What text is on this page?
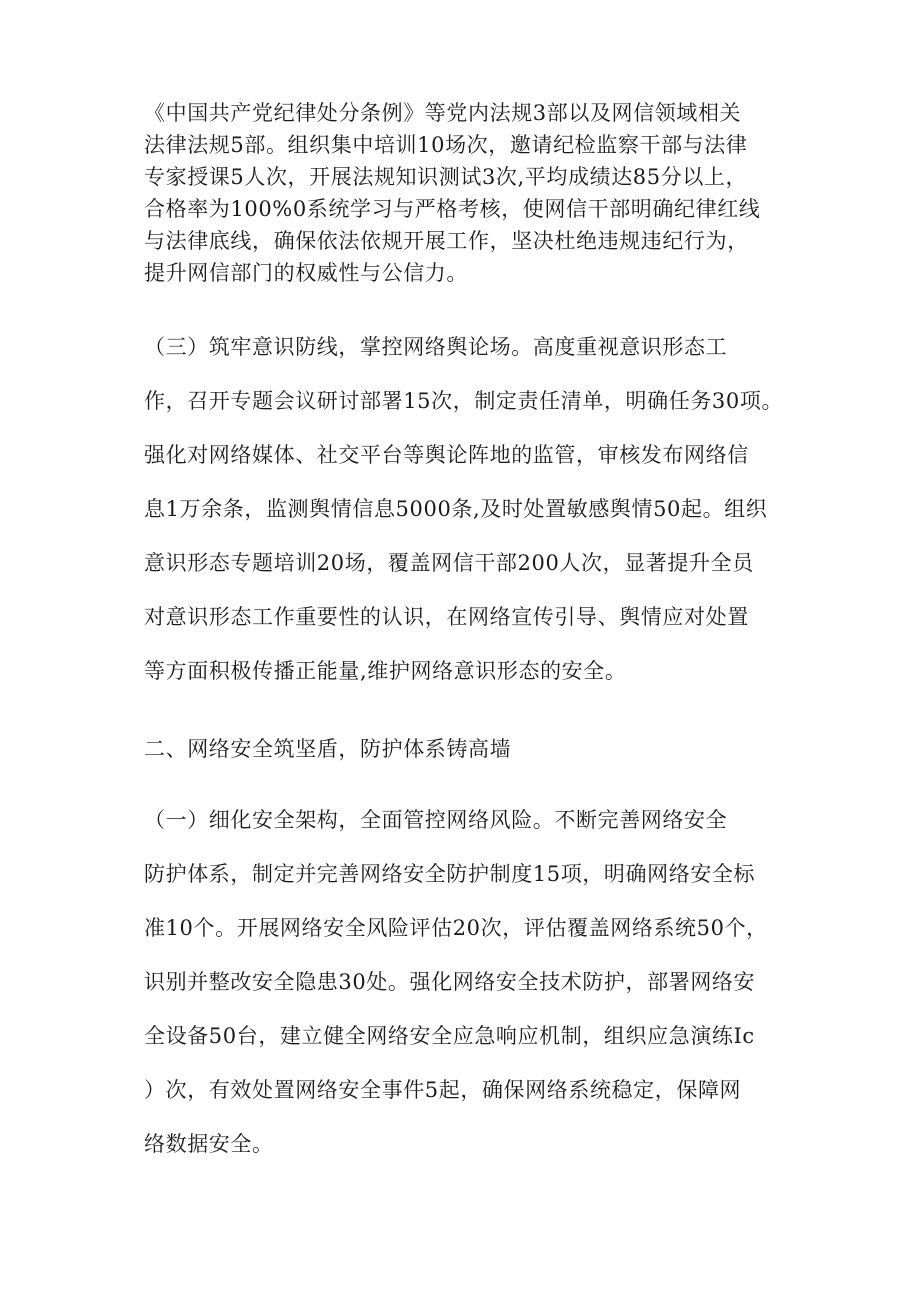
《中国共产党纪律处分条例》等党内法规3部以及网信领域相关
法律法规5部。组织集中培训10场次，邀请纪检监察干部与法律
专家授课5人次，开展法规知识测试3次,平均成绩达85分以上，
合格率为100%0系统学习与严格考核，使网信干部明确纪律红线
与法律底线，确保依法依规开展工作，坚决杜绝违规违纪行为，
提升网信部门的权威性与公信力。
（三）筑牢意识防线，掌控网络舆论场。高度重视意识形态工
作，召开专题会议研讨部署15次，制定责任清单，明确任务30项。
强化对网络媒体、社交平台等舆论阵地的监管，审核发布网络信
息1万余条，监测舆情信息5000条,及时处置敏感舆情50起。组织
意识形态专题培训20场，覆盖网信干部200人次，显著提升全员
对意识形态工作重要性的认识，在网络宣传引导、舆情应对处置
等方面积极传播正能量,维护网络意识形态的安全。
二、网络安全筑坚盾，防护体系铸高墙
（一）细化安全架构，全面管控网络风险。不断完善网络安全
防护体系，制定并完善网络安全防护制度15项，明确网络安全标
准10个。开展网络安全风险评估20次，评估覆盖网络系统50个，
识别并整改安全隐患30处。强化网络安全技术防护，部署网络安
全设备50台，建立健全网络安全应急响应机制，组织应急演练Ic
）次，有效处置网络安全事件5起，确保网络系统稳定，保障网
络数据安全。
